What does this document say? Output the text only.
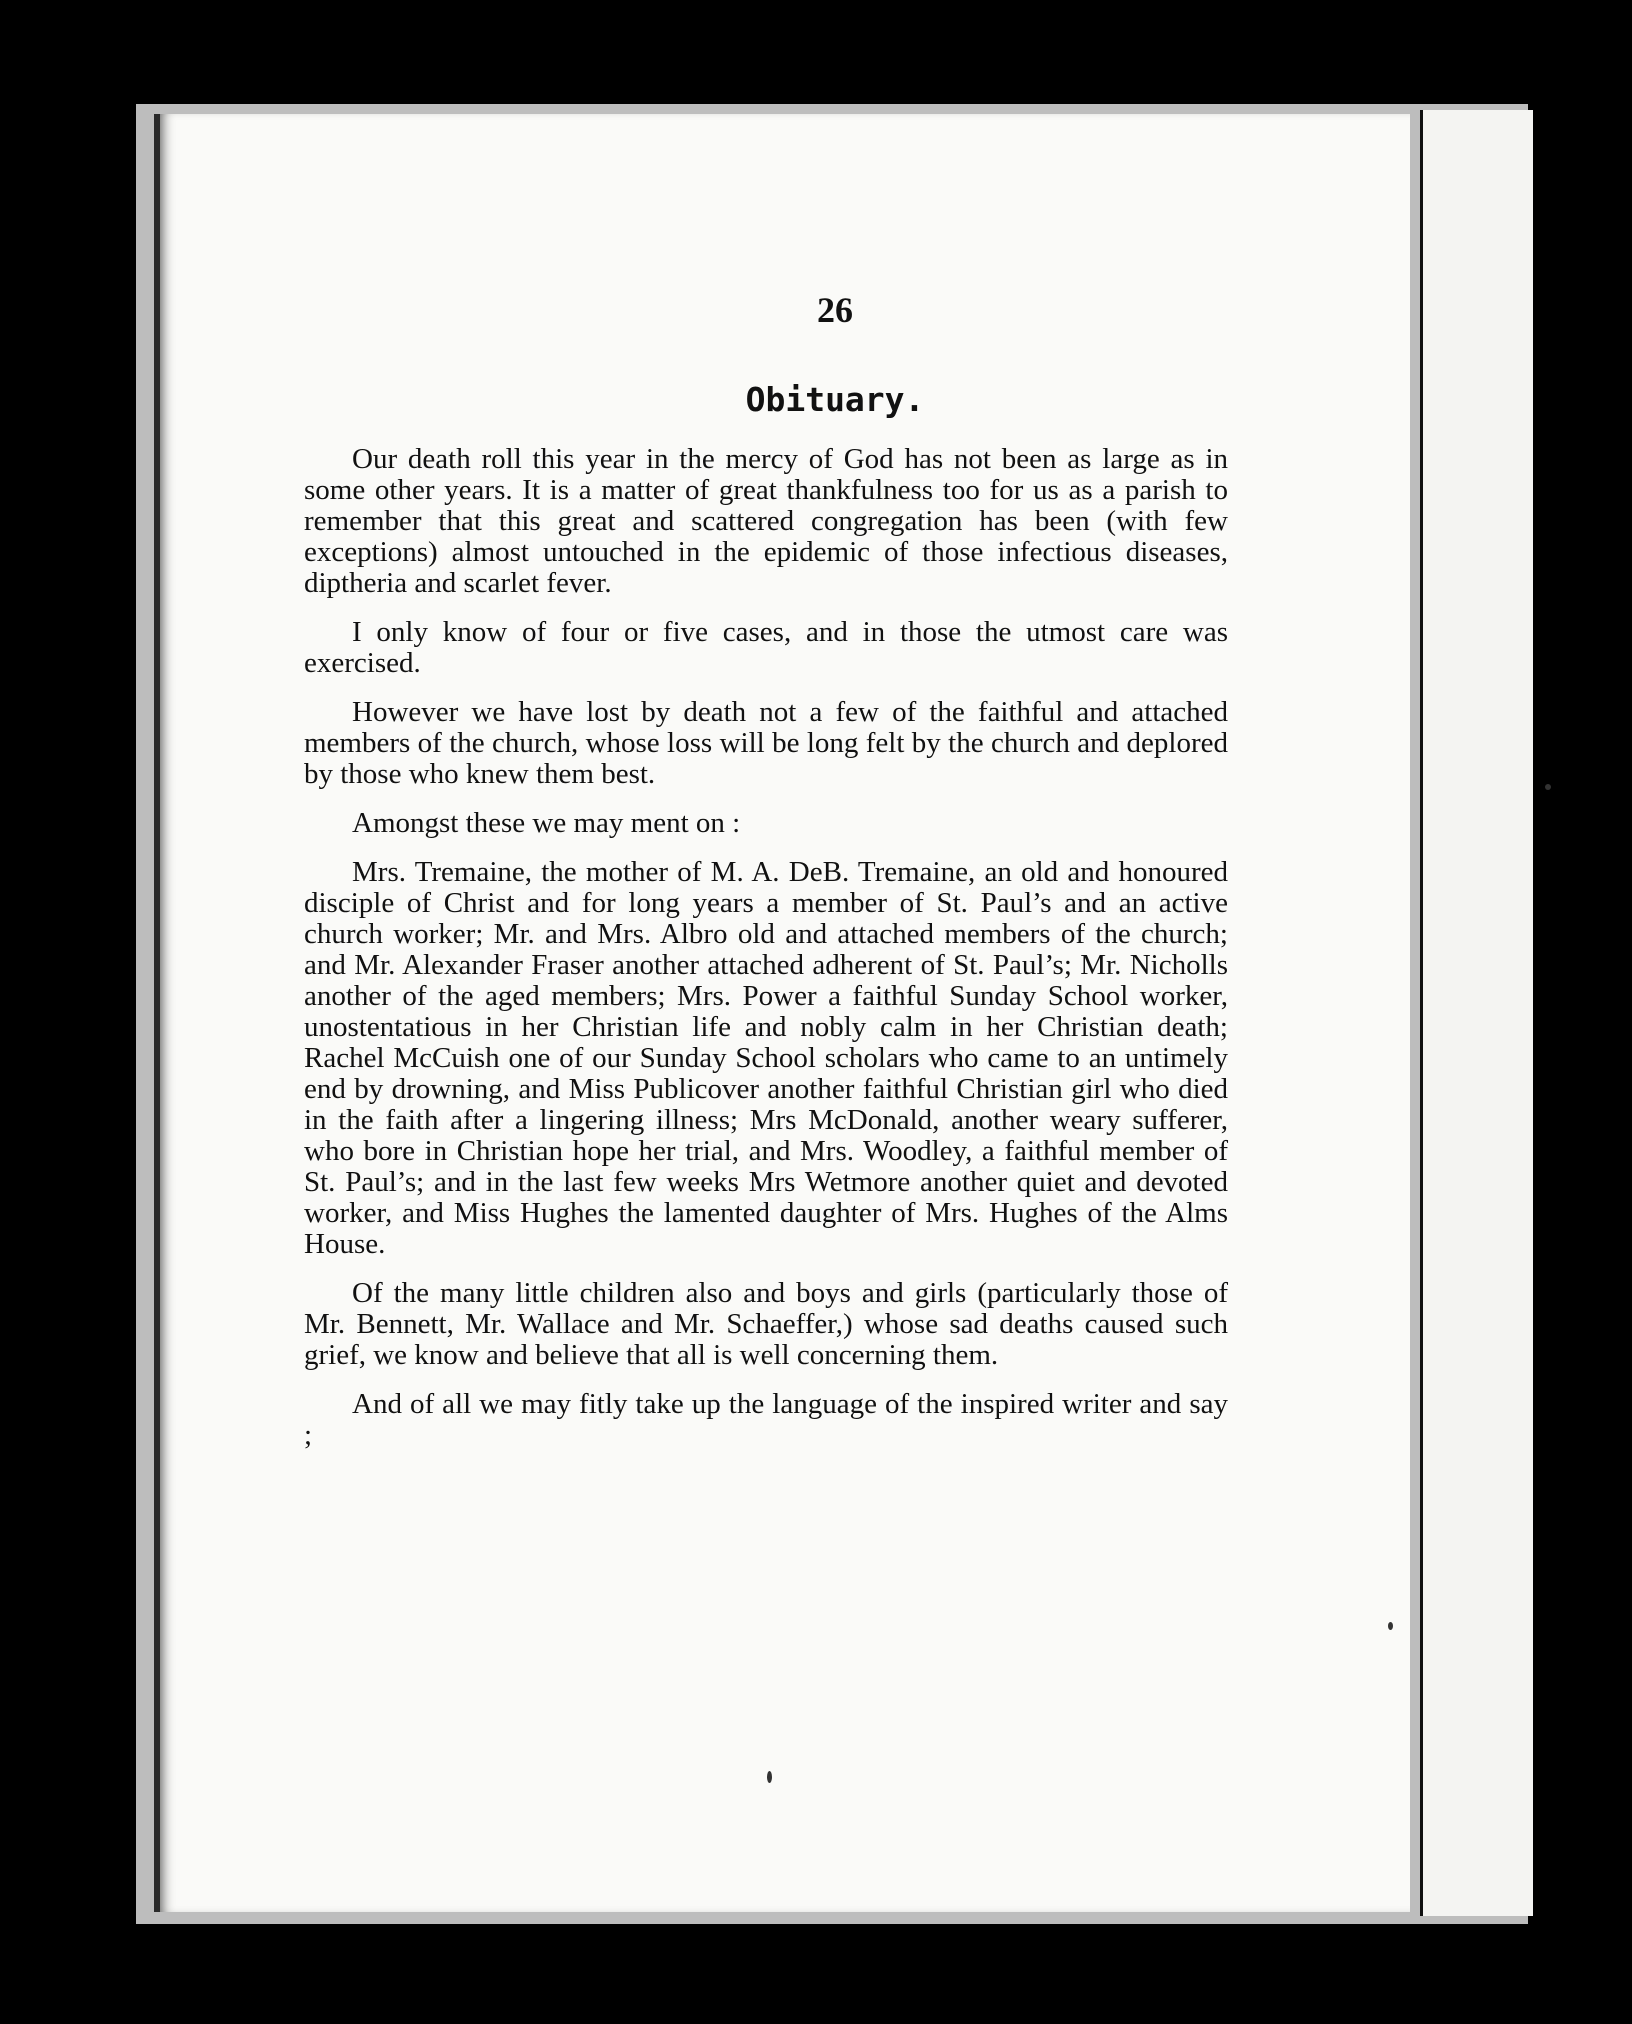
26
Obituary.

Our death roll this year in the mercy of God has not been as large as in some other years. It is a matter of great thankfulness too for us as a parish to remember that this great and scattered congregation has been (with few exceptions) almost untouched in the epidemic of those infectious diseases, diptheria and scarlet fever.

I only know of four or five cases, and in those the utmost care was exercised.

However we have lost by death not a few of the faithful and attached members of the church, whose loss will be long felt by the church and deplored by those who knew them best.

Amongst these we may ment on :

Mrs. Tremaine, the mother of M. A. DeB. Tremaine, an old and honoured disciple of Christ and for long years a member of St. Paul’s and an active church worker; Mr. and Mrs. Albro old and attached members of the church; and Mr. Alexander Fraser another attached adherent of St. Paul’s; Mr. Nicholls another of the aged members; Mrs. Power a faithful Sunday School worker, unostentatious in her Christian life and nobly calm in her Christian death; Rachel McCuish one of our Sunday School scholars who came to an untimely end by drowning, and Miss Publicover another faithful Christian girl who died in the faith after a lingering illness; Mrs McDonald, another weary sufferer, who bore in Christian hope her trial, and Mrs. Woodley, a faithful member of St. Paul’s; and in the last few weeks Mrs Wetmore another quiet and devoted worker, and Miss Hughes the lamented daughter of Mrs. Hughes of the Alms House.

Of the many little children also and boys and girls (particularly those of Mr. Bennett, Mr. Wallace and Mr. Schaeffer,) whose sad deaths caused such grief, we know and believe that all is well concerning them.

And of all we may fitly take up the language of the inspired writer and say ;
